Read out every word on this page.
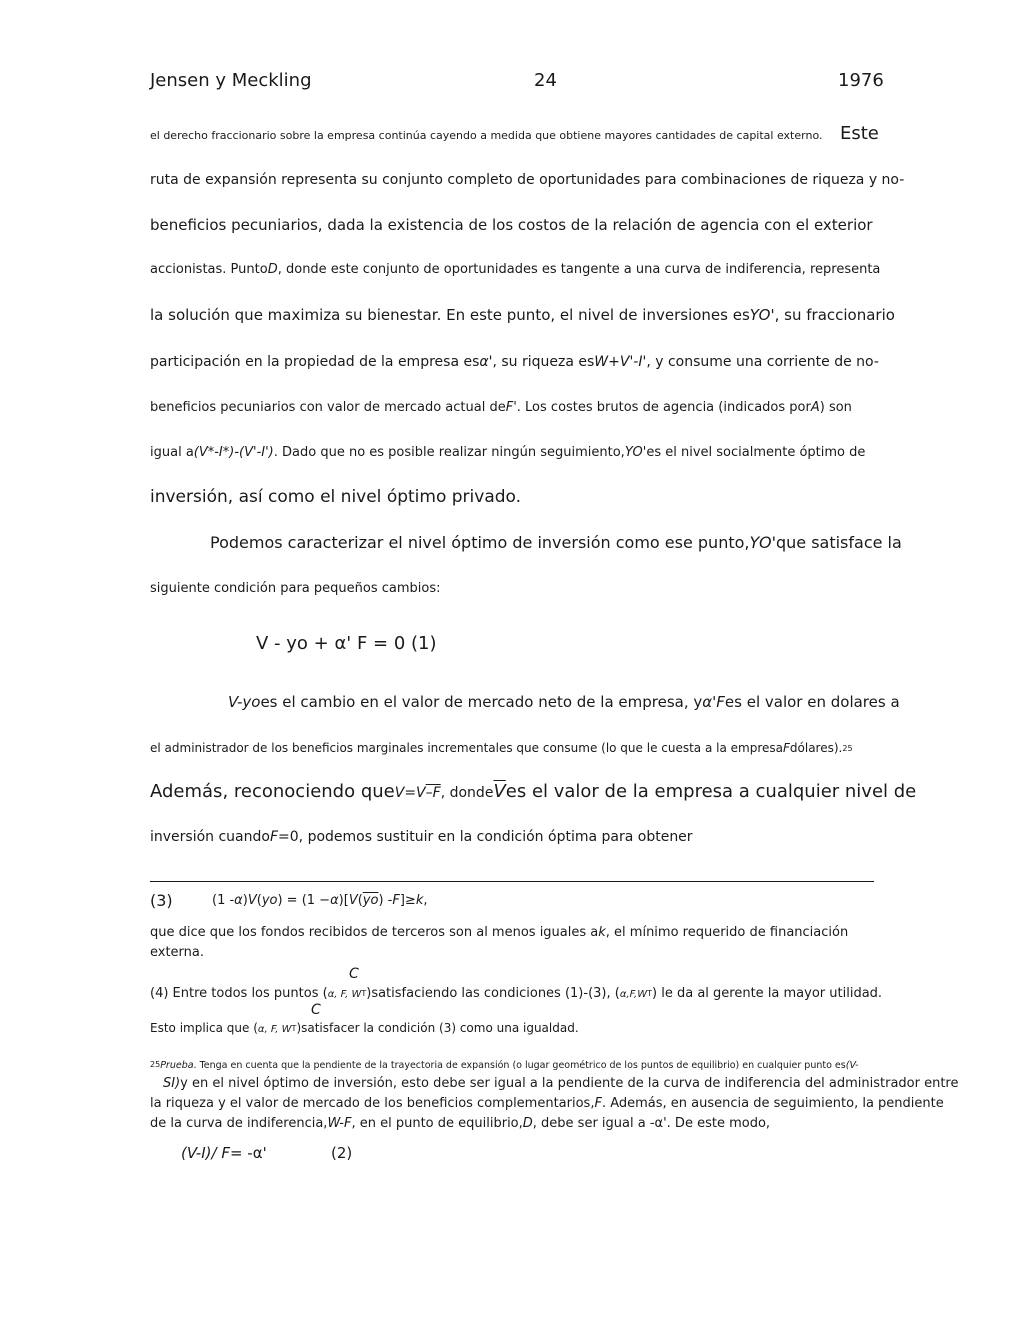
Jensen y Meckling	24	1976

el derecho fraccionario sobre la empresa continúa cayendo a medida que obtiene mayores cantidades de capital externo. Este

ruta de expansión representa su conjunto completo de oportunidades para combinaciones de riqueza y no-

beneficios pecuniarios, dada la existencia de los costos de la relación de agencia con el exterior

accionistas. PuntoD, donde este conjunto de oportunidades es tangente a una curva de indiferencia, representa

la solución que maximiza su bienestar. En este punto, el nivel de inversiones esYO', su fraccionario

participación en la propiedad de la empresa esα', su riqueza esW+V'-I', y consume una corriente de no-

beneficios pecuniarios con valor de mercado actual deF'. Los costes brutos de agencia (indicados porA) son

igual a(V*-I*)-(V'-I'). Dado que no es posible realizar ningún seguimiento,YO'es el nivel socialmente óptimo de

inversión, así como el nivel óptimo privado.

Podemos caracterizar el nivel óptimo de inversión como ese punto,YO'que satisface la

siguiente condición para pequeños cambios:

V - yo + α' F = 0 (1)

V-yoes el cambio en el valor de mercado neto de la empresa, yα'Fes el valor en dolares a

el administrador de los beneficios marginales incrementales que consume (lo que le cuesta a la empresaFdólares).25

Además, reconociendo queV=V–F, $donde\overline{V}es$ el valor de la empresa a cualquier nivel de

inversión cuandoF=0, podemos sustituir en la condición óptima para obtener

(3)	(1 $-\alpha)V(yo) = (1 -\alpha)[V(\overline{yo})$ -F]≥k,

que dice que los fondos recibidos de terceros son al menos iguales ak, el mínimo requerido de financiación

externa.

C

(4) Entre todos los puntos (α, F, $W_T)satisfaciendo$ las condiciones (1)-(3), $(\alpha,F,W_T)$ le da al gerente la mayor utilidad.

C

Esto implica que (α, F, $W_T)satisfacer$ la condición (3) como una igualdad.

25Prueba. Tenga en cuenta que la pendiente de la trayectoria de expansión (o lugar geométrico de los puntos de equilibrio) en cualquier punto es(V-

SI)y en el nivel óptimo de inversión, esto debe ser igual a la pendiente de la curva de indiferencia del administrador entre

la riqueza y el valor de mercado de los beneficios complementarios,F. Además, en ausencia de seguimiento, la pendiente

de la curva de indiferencia,W-F, en el punto de equilibrio,D, debe ser igual a -α'. De este modo,

(V-I)/ F= -α'	(2)
